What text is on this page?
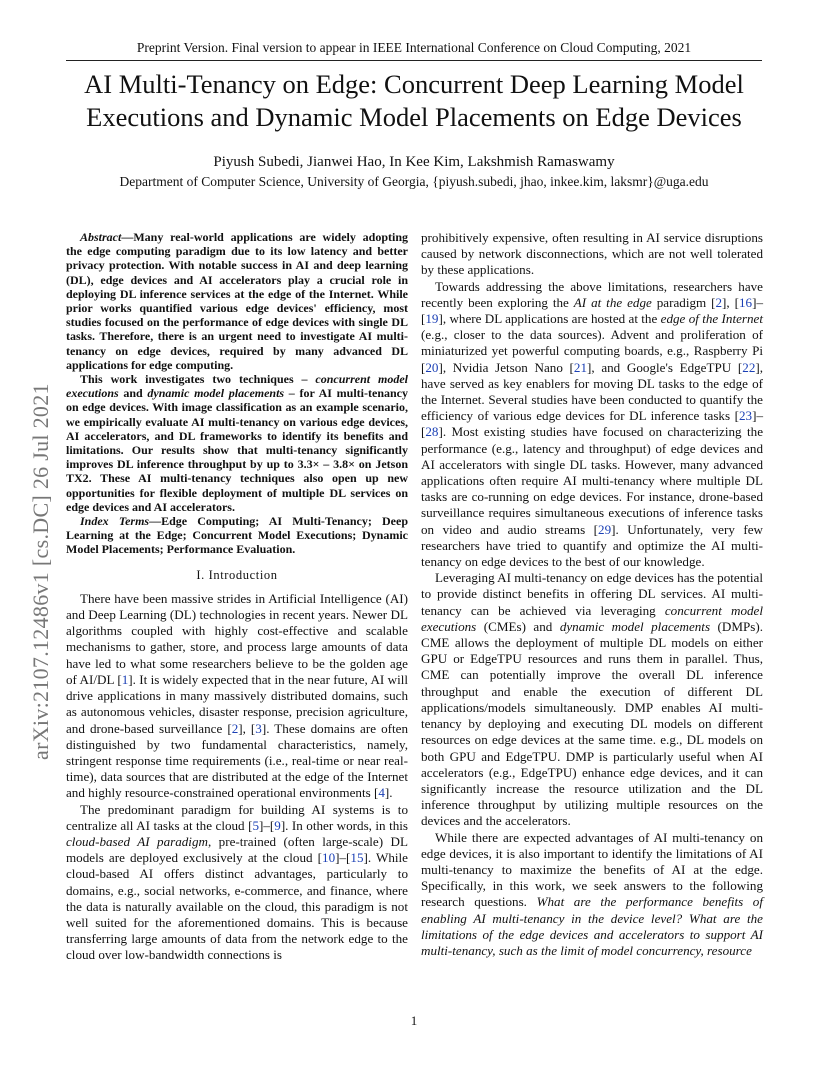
Preprint Version. Final version to appear in IEEE International Conference on Cloud Computing, 2021
AI Multi-Tenancy on Edge: Concurrent Deep Learning Model
Executions and Dynamic Model Placements on Edge Devices
Piyush Subedi, Jianwei Hao, In Kee Kim, Lakshmish Ramaswamy
Department of Computer Science, University of Georgia, {piyush.subedi, jhao, inkee.kim, laksmr}@uga.edu
arXiv:2107.12486v1 [cs.DC] 26 Jul 2021

Abstract—Many real-world applications are widely adopting the edge computing paradigm due to its low latency and better privacy protection. With notable success in AI and deep learning (DL), edge devices and AI accelerators play a crucial role in deploying DL inference services at the edge of the Internet. While prior works quantified various edge devices' efficiency, most studies focused on the performance of edge devices with single DL tasks. Therefore, there is an urgent need to investigate AI multi-tenancy on edge devices, required by many advanced DL applications for edge computing.

This work investigates two techniques – concurrent model executions and dynamic model placements – for AI multi-tenancy on edge devices. With image classification as an example scenario, we empirically evaluate AI multi-tenancy on various edge devices, AI accelerators, and DL frameworks to identify its benefits and limitations. Our results show that multi-tenancy significantly improves DL inference throughput by up to 3.3× – 3.8× on Jetson TX2. These AI multi-tenancy techniques also open up new opportunities for flexible deployment of multiple DL services on edge devices and AI accelerators.

Index Terms—Edge Computing; AI Multi-Tenancy; Deep Learning at the Edge; Concurrent Model Executions; Dynamic Model Placements; Performance Evaluation.

I. Introduction

There have been massive strides in Artificial Intelligence (AI) and Deep Learning (DL) technologies in recent years. Newer DL algorithms coupled with highly cost-effective and scalable mechanisms to gather, store, and process large amounts of data have led to what some researchers believe to be the golden age of AI/DL [1]. It is widely expected that in the near future, AI will drive applications in many massively distributed domains, such as autonomous vehicles, disaster response, precision agriculture, and drone-based surveillance [2], [3]. These domains are often distinguished by two fundamental characteristics, namely, stringent response time requirements (i.e., real-time or near real-time), data sources that are distributed at the edge of the Internet and highly resource-constrained operational environments [4].

The predominant paradigm for building AI systems is to centralize all AI tasks at the cloud [5]–[9]. In other words, in this cloud-based AI paradigm, pre-trained (often large-scale) DL models are deployed exclusively at the cloud [10]–[15]. While cloud-based AI offers distinct advantages, particularly to domains, e.g., social networks, e-commerce, and finance, where the data is naturally available on the cloud, this paradigm is not well suited for the aforementioned domains. This is because transferring large amounts of data from the network edge to the cloud over low-bandwidth connections is

prohibitively expensive, often resulting in AI service disruptions caused by network disconnections, which are not well tolerated by these applications.

Towards addressing the above limitations, researchers have recently been exploring the AI at the edge paradigm [2], [16]–[19], where DL applications are hosted at the edge of the Internet (e.g., closer to the data sources). Advent and proliferation of miniaturized yet powerful computing boards, e.g., Raspberry Pi [20], Nvidia Jetson Nano [21], and Google's EdgeTPU [22], have served as key enablers for moving DL tasks to the edge of the Internet. Several studies have been conducted to quantify the efficiency of various edge devices for DL inference tasks [23]–[28]. Most existing studies have focused on characterizing the performance (e.g., latency and throughput) of edge devices and AI accelerators with single DL tasks. However, many advanced applications often require AI multi-tenancy where multiple DL tasks are co-running on edge devices. For instance, drone-based surveillance requires simultaneous executions of inference tasks on video and audio streams [29]. Unfortunately, very few researchers have tried to quantify and optimize the AI multi-tenancy on edge devices to the best of our knowledge.

Leveraging AI multi-tenancy on edge devices has the potential to provide distinct benefits in offering DL services. AI multi-tenancy can be achieved via leveraging concurrent model executions (CMEs) and dynamic model placements (DMPs). CME allows the deployment of multiple DL models on either GPU or EdgeTPU resources and runs them in parallel. Thus, CME can potentially improve the overall DL inference throughput and enable the execution of different DL applications/models simultaneously. DMP enables AI multi-tenancy by deploying and executing DL models on different resources on edge devices at the same time. e.g., DL models on both GPU and EdgeTPU. DMP is particularly useful when AI accelerators (e.g., EdgeTPU) enhance edge devices, and it can significantly increase the resource utilization and the DL inference throughput by utilizing multiple resources on the devices and the accelerators.

While there are expected advantages of AI multi-tenancy on edge devices, it is also important to identify the limitations of AI multi-tenancy to maximize the benefits of AI at the edge. Specifically, in this work, we seek answers to the following research questions. What are the performance benefits of enabling AI multi-tenancy in the device level? What are the limitations of the edge devices and accelerators to support AI multi-tenancy, such as the limit of model concurrency, resource

1
